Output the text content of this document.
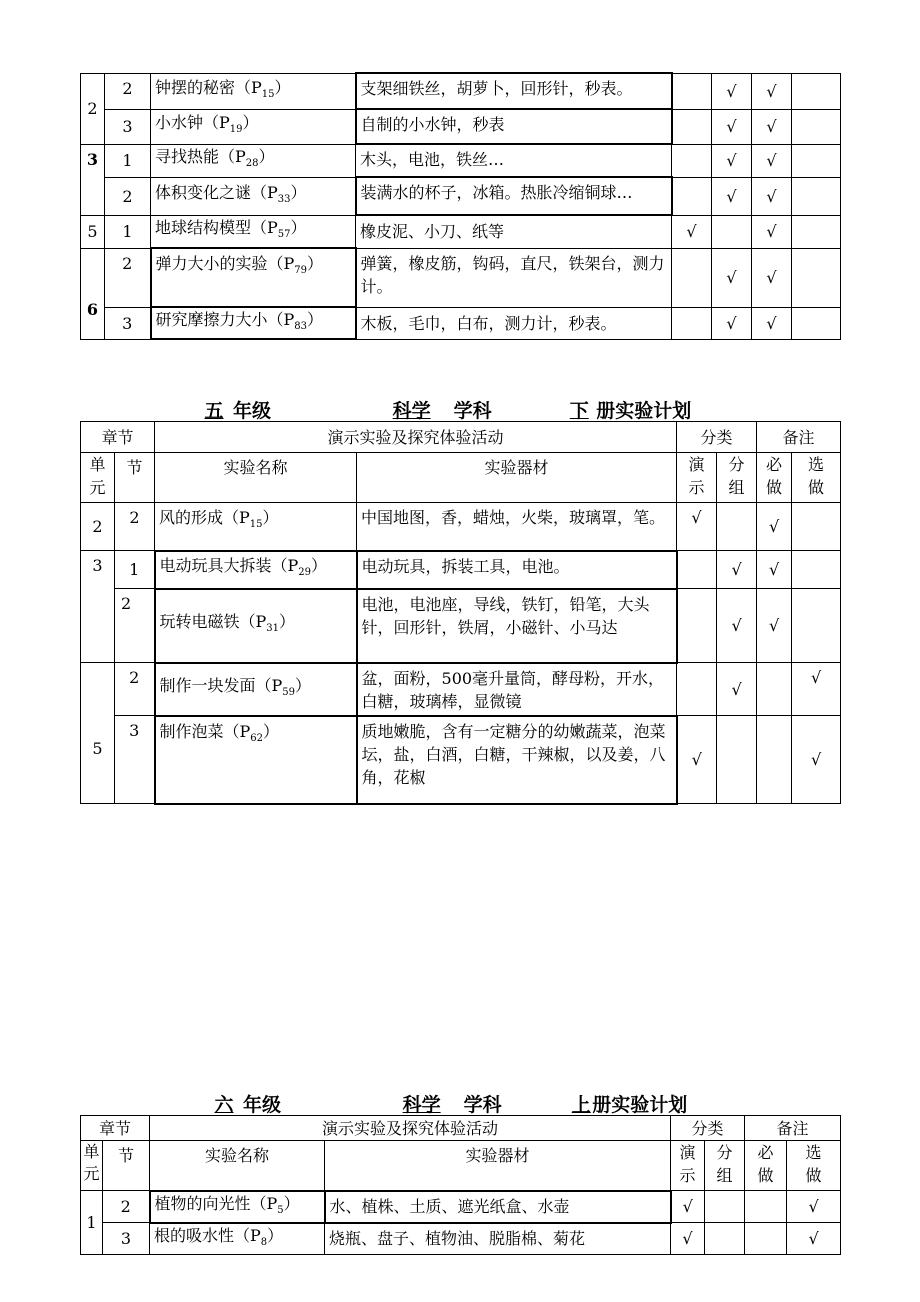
2	2	钟摆的秘密$(P_{15})$	支架细铁丝，胡萝卜，回形针，秒表。		√	√	
	3	小水钟$(P_{19})$	自制的小水钟，秒表		√	√	
3	1	寻找热能$(P_{28})$	木头，电池，铁丝…		√	√	
	2	体积变化之谜$(P_{33})$	装满水的杯子，冰箱。热胀冷缩铜球…		√	√	
5	1	地球结构模型$(P_{57})$	橡皮泥、小刀、纸等	√		√	
6	2	弹力大小的实验$(P_{79})$	弹簧，橡皮筋，钩码，直尺，铁架台，测力计。		√	√	
	3	研究摩擦力大小$(P_{83})$	木板，毛巾，白布，测力计，秒表。		√	√	
五 年级	科学 学科	下 册实验计划
章节		演示实验及探究体验活动		分类		备注	
单元	节	实验名称	实验器材	演示	分组	必做	选做
2	2	风的形成$(P_{15})$	中国地图，香，蜡烛，火柴，玻璃罩，笔。	√		√	
3	1	电动玩具大拆装$(P_{29})$	电动玩具，拆装工具，电池。		√	√	
	2	玩转电磁铁$(P_{31})$	电池，电池座，导线，铁钉，铅笔，大头针，回形针，铁屑，小磁针、小马达		√	√	
5	2	制作一块发面$(P_{59})$	盆，面粉，500毫升量筒，酵母粉，开水，白糖，玻璃棒，显微镜		√		√
	3	制作泡菜$(P_{62})$	质地嫩脆，含有一定糖分的幼嫩蔬菜，泡菜坛，盐，白酒，白糖，干辣椒，以及姜，八角，花椒	√			√
六 年级	科学 学科	上册实验计划
章节		演示实验及探究体验活动		分类		备注	
单元	节	实验名称	实验器材	演示	分组	必做	选做
1	2	植物的向光性$(P_5)$	水、植株、土质、遮光纸盒、水壶	√			√
	3	根的吸水性$(P_8)$	烧瓶、盘子、植物油、脱脂棉、菊花	√			√
